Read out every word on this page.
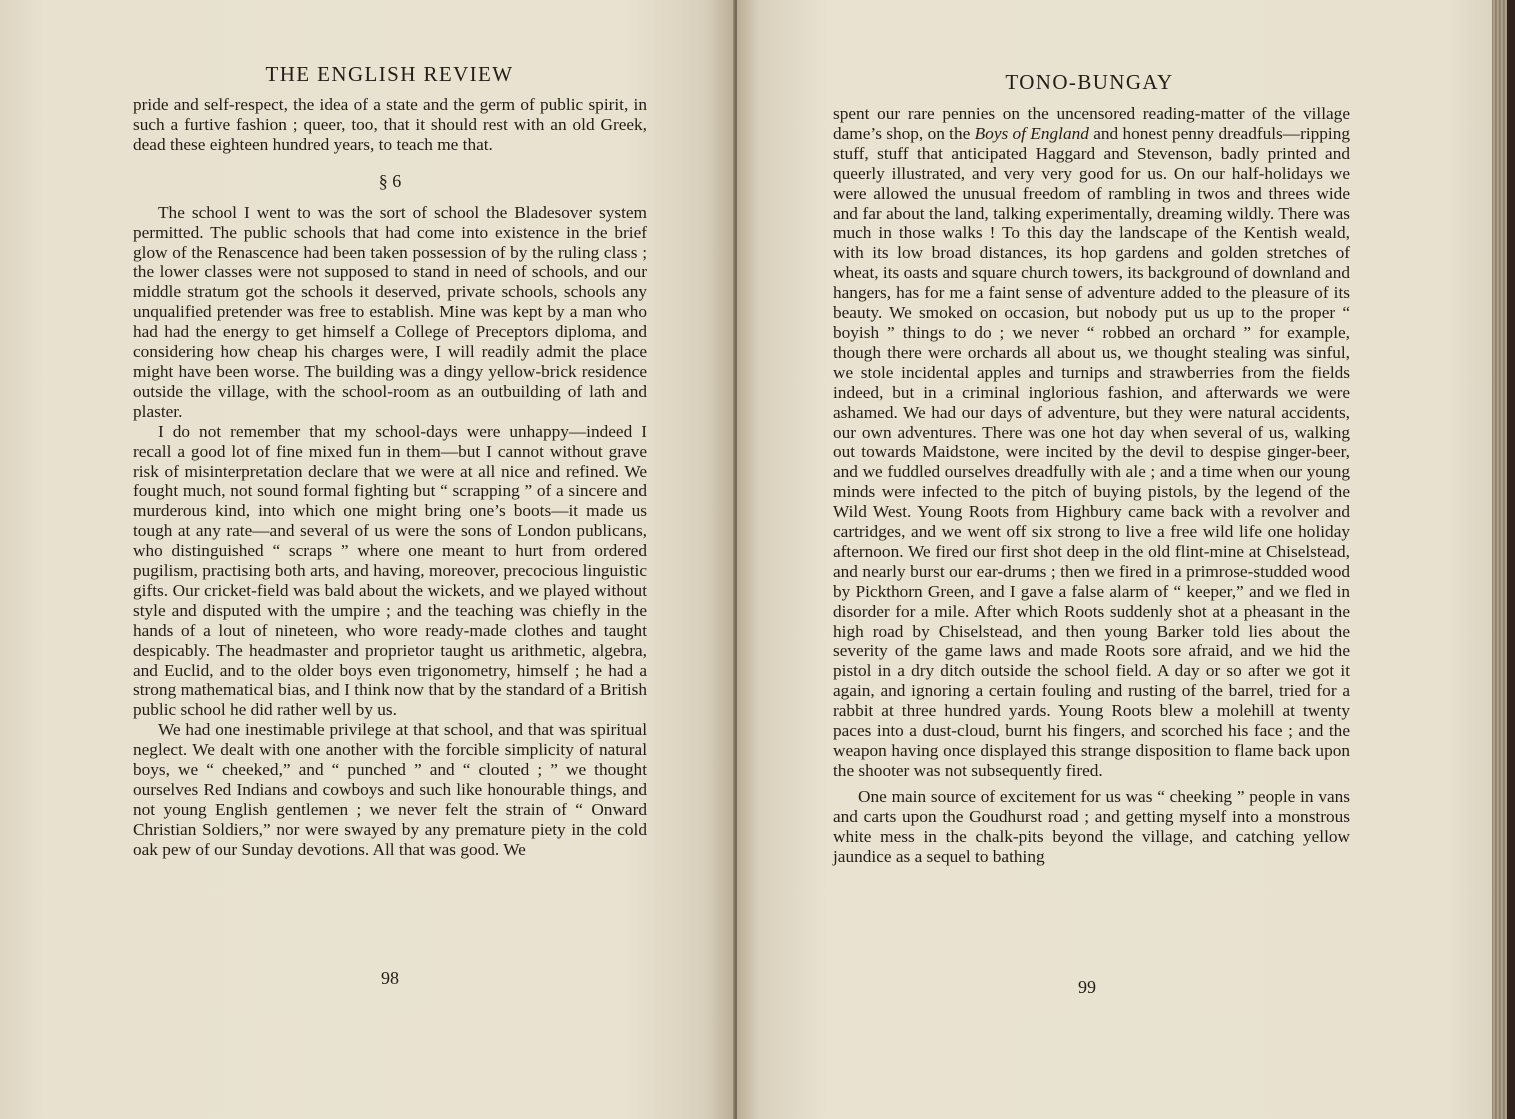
THE ENGLISH REVIEW

pride and self-respect, the idea of a state and the germ of public spirit, in such a furtive fashion ; queer, too, that it should rest with an old Greek, dead these eighteen hundred years, to teach me that.

§ 6

The school I went to was the sort of school the Bladesover system permitted. The public schools that had come into existence in the brief glow of the Renascence had been taken possession of by the ruling class ; the lower classes were not supposed to stand in need of schools, and our middle stratum got the schools it deserved, private schools, schools any unqualified pretender was free to establish. Mine was kept by a man who had had the energy to get himself a College of Preceptors diploma, and considering how cheap his charges were, I will readily admit the place might have been worse. The building was a dingy yellow-brick residence outside the village, with the school-room as an outbuilding of lath and plaster.

I do not remember that my school-days were unhappy—indeed I recall a good lot of fine mixed fun in them—but I cannot without grave risk of misinterpretation declare that we were at all nice and refined. We fought much, not sound formal fighting but “ scrapping ” of a sincere and murderous kind, into which one might bring one’s boots—it made us tough at any rate—and several of us were the sons of London publicans, who distinguished “ scraps ” where one meant to hurt from ordered pugilism, practising both arts, and having, moreover, precocious linguistic gifts. Our cricket-field was bald about the wickets, and we played without style and disputed with the umpire ; and the teaching was chiefly in the hands of a lout of nineteen, who wore ready-made clothes and taught despicably. The headmaster and proprietor taught us arithmetic, algebra, and Euclid, and to the older boys even trigonometry, himself ; he had a strong mathematical bias, and I think now that by the standard of a British public school he did rather well by us.

We had one inestimable privilege at that school, and that was spiritual neglect. We dealt with one another with the forcible simplicity of natural boys, we “ cheeked,” and “ punched ” and “ clouted ; ” we thought ourselves Red Indians and cowboys and such like honourable things, and not young English gentlemen ; we never felt the strain of “ Onward Christian Soldiers,” nor were swayed by any premature piety in the cold oak pew of our Sunday devotions. All that was good. We

98
TONO-BUNGAY

spent our rare pennies on the uncensored reading-matter of the village dame’s shop, on the Boys of England and honest penny dreadfuls—ripping stuff, stuff that anticipated Haggard and Stevenson, badly printed and queerly illustrated, and very very good for us. On our half-holidays we were allowed the unusual freedom of rambling in twos and threes wide and far about the land, talking experimentally, dreaming wildly. There was much in those walks ! To this day the landscape of the Kentish weald, with its low broad distances, its hop gardens and golden stretches of wheat, its oasts and square church towers, its background of downland and hangers, has for me a faint sense of adventure added to the pleasure of its beauty. We smoked on occasion, but nobody put us up to the proper “ boyish ” things to do ; we never “ robbed an orchard ” for example, though there were orchards all about us, we thought stealing was sinful, we stole incidental apples and turnips and strawberries from the fields indeed, but in a criminal inglorious fashion, and afterwards we were ashamed. We had our days of adventure, but they were natural accidents, our own adventures. There was one hot day when several of us, walking out towards Maidstone, were incited by the devil to despise ginger-beer, and we fuddled ourselves dreadfully with ale ; and a time when our young minds were infected to the pitch of buying pistols, by the legend of the Wild West. Young Roots from Highbury came back with a revolver and cartridges, and we went off six strong to live a free wild life one holiday afternoon. We fired our first shot deep in the old flint-mine at Chiselstead, and nearly burst our ear-drums ; then we fired in a primrose-studded wood by Pickthorn Green, and I gave a false alarm of “ keeper,” and we fled in disorder for a mile. After which Roots suddenly shot at a pheasant in the high road by Chiselstead, and then young Barker told lies about the severity of the game laws and made Roots sore afraid, and we hid the pistol in a dry ditch outside the school field. A day or so after we got it again, and ignoring a certain fouling and rusting of the barrel, tried for a rabbit at three hundred yards. Young Roots blew a molehill at twenty paces into a dust-cloud, burnt his fingers, and scorched his face ; and the weapon having once displayed this strange disposition to flame back upon the shooter was not subsequently fired.

One main source of excitement for us was “ cheeking ” people in vans and carts upon the Goudhurst road ; and getting myself into a monstrous white mess in the chalk-pits beyond the village, and catching yellow jaundice as a sequel to bathing

99
